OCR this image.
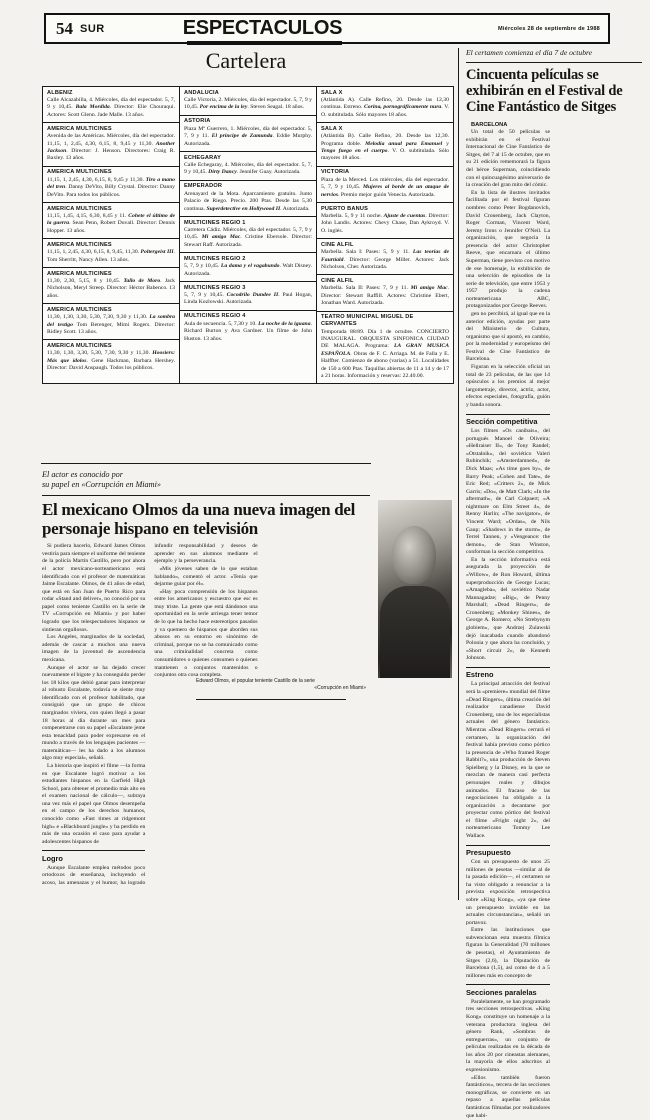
54 SUR	ESPECTACULOS	Miércoles 28 de septiembre de 1988
Cartelera
ALBENIZ
Calle Alcazabilla, 4. Miércoles, día del espectador. 5, 7, 9 y 10,45. Bala Mordida. Director: Elie Chouraqui. Actores: Scott Glenn. Jade Malle. 13 años.
AMERICA MULTICINES
Avenida de las Américas. Miércoles, día del espectador. 11,15, 1, 2,45, 4,30, 6,15, 8, 9,45 y 11,30. Another Jackson. Director: J. Henson. Directores: Craig R. Baxley. 13 años.
AMERICA MULTICINES
11,15, 1, 2,45, 4,30, 6,15, 8, 9,45 y 11,30. Tiro a mano del tren. Danny DeVito, Billy Crystal. Director: Danny DeVito. Para todos los públicos.
AMERICA MULTICINES
11,15, 1,45, 4,15, 6,30, 8,45 y 11. Cohete el último de la guerra. Sean Penn, Robert Duvall. Director: Dennis Hopper. 13 años.
AMERICA MULTICINES
11,15, 1, 2,45, 4,30, 6,15, 8, 9,45, 11,30. Poltergeist III. Tom Sherritt, Nancy Allen. 13 años.
AMERICA MULTICINES
11,30, 2,30, 5,15, 8 y 10,45. Tallo de Moro. Jack Nicholson, Meryl Streep. Director: Héctor Babenco. 13 años.
AMERICA MULTICINES
11,30, 1,30, 3,30, 5,30, 7,30, 9,30 y 11,30. La sombra del testigo Tom Berenger, Mimi Rogers. Director: Ridley Scott. 13 años.
AMERICA MULTICINES
11,30, 1,30, 3,30, 5,30, 7,30, 9,30 y 11,30. Hoosiers: Más que ídolos. Gene Hackman, Barbara Hershey. Director: David Anspaugh. Todos los públicos.
ANDALUCIA
Calle Victoria, 2. Miércoles, día del espectador. 5, 7, 9 y 10,45. Por encima de la ley. Steven Seagal. 18 años.
ASTORIA
Plaza Mª Guerrero, 1. Miércoles, día del espectador. 5, 7, 9 y 11. El príncipe de Zamunda. Eddie Murphy. Autorizada.
ECHEGARAY
Calle Echegaray, 4. Miércoles, día del espectador. 5, 7, 9 y 10,45. Dirty Dancy. Jennifer Guay. Autorizada.
EMPERADOR
Arenayard de la Mota. Aparcamiento gratuito. Junto Palacio de Riego. Precio. 200 Ptas. Desde las 5,30 continua. Superdetective en Hollywood II. Autorizada.
MULTICINES REGIO 1
Carretera Cádiz. Miércoles, día del espectador. 5, 7, 9 y 10,45. Mi amigo Mac. Cristine Ebersole. Director: Stewart Raff. Autorizada.
MULTICINES REGIO 2
5, 7, 9 y 10,45. La dama y el vagabundo. Walt Disney. Autorizada.
MULTICINES REGIO 3
5, 7, 9 y 10,45. Cocodrilo Dundee II. Paul Hogan, Linda Kozlowski. Autorizada.
MULTICINES REGIO 4
Aula de secuencia. 5, 7,30 y 10. La noche de la iguana. Richard Burton y Ava Gardner. Un filme de John Huston. 13 años.
SALA X
(Atlántida A). Calle Refino, 20. Desde las 12,30 continua. Estreno. Corina, pornográficamente nura. V. O. subtitulada. Sólo mayores 18 años.
SALA X
(Atlántida B). Calle Refino, 20. Desde las 12,30. Programa doble. Melodía anual para Emanuel y Tengo fuego en el cuerpo. V. O. subtitulada. Sólo mayores 18 años.
VICTORIA
Plaza de la Merced. Los miércoles, día del espectador. 5, 7, 9 y 10,45. Mujeres al borde de un ataque de nervios. Premio mejor guión Venecia. Autorizada.
PUERTO BANUS
Marbella. 5, 9 y 11 noche. Ajuste de cuentas. Director: John Landis. Actores: Chevy Chase, Dan Aykroyd. V. O. inglés.
CINE ALFIL
Marbella. Sala I: Pases: 5, 9 y 11. Las teorías de Faurtíald. Director: George Miller. Actores: Jack Nicholson, Cher. Autorizada.
CINE ALFIL
Marbella. Sala II: Pases: 7, 9 y 11. Mi amigo Mac. Director: Stewart Raffill. Actores: Christine Ebert, Jonathan Ward. Autorizada.
TEATRO MUNICIPAL MIGUEL DE CERVANTES
Temporada 88/89. Día 1 de octubre. CONCIERTO INAUGURAL. ORQUESTA SINFONICA CIUDAD DE MALAGA. Programa: LA GRAN MUSICA ESPAÑOLA. Obras de F. C. Arriaga. M. de Falla y E. Halffter. Comienzo de abono (varias) a 51. Localidades de 150 a 600 Ptas. Taquillas abiertas de 11 a 14 y de 17 a 21 horas. Información y reservas: 22.40.00.
El certamen comienza el día 7 de octubre
Cincuenta películas se exhibirán en el Festival de Cine Fantástico de Sitges

BARCELONA

Un total de 50 películas se exhibirán en el Festival Internacional de Cine Fantástico de Sitges, del 7 al 15 de octubre, que en su 21 edición rememorará la figura del héroe Superman, coincidiendo con el quincuagésimo aniversario de la creación del gran mito del cómic.

En la lista de ilustres invitados facilitada por el festival figuran nombres como Peter Bogdanovich, David Cronenberg, Jack Clayton, Roger Corman, Vincent Ward, Jeremy Irons o Jennifer O'Neil. La organización, que negocia la presencia del actor Christopher Reeve, que encarnara el último Superman, tiene previsto con motivo de ese homenaje, la exhibición de una selección de episodios de la serie de televisión, que entre 1953 y 1957 produjo la cadena norteamericana ABC, protagonizados por George Reeves.

gen no percibirá, al igual que en la anterior edición, ayudas por parte del Ministerio de Cultura, organismo que sí apostó, en cambio, por la modernidad y europeísmo del Festival de Cine Fantástico de Barcelona.

Figuran en la selección oficial un total de 23 películas, de las que 14 opúsculos a los premios al mejor largometraje, director, actriz, actor, efectos especiales, fotografía, guión y banda sonora.

Sección competitiva

Los filmes «Os canibais», del portugués Manoel de Oliveira; «Hellraiser II», de Tony Randel; «Otstalnik», del soviético Valeri Rubinchik; «Amsterdamned», de Dick Maas; «As time goes by», de Barry Peak; «Cohen and Tate», de Eric Red; «Critters 2», de Mick Garris; «Do», de Matt Clark; «In the aftermath», de Carl Colpaert; «A nightmare on Elm Street 4», de Renny Harlin; «The navigator», de Vincent Ward; «Ordas», de Nils Gaup; «Shadows in the storm», de Terrel Tannen, y «Vengeance: the demon», de Stan Winston, conforman la sección competitiva.

En la sección informativa está asegurada la proyección de «Willow», de Ron Howard, última superproducción de George Lucas; «Amagleba», del soviético Nadar Mannagadze; «Big», de Penny Marshall; «Dead Ringers», de Cronenberg; «Monkey Shines», de George A. Romero; «No Strebynym globiem», que Andrzej Zulawski dejó inacabada cuando abandonó Polonia y que ahora ha concluido, y «Short circuit 2», de Kenneth Johnson.

Estreno

La principal atracción del festival será la «premiere» mundial del filme «Dead Ringers», última creación del realizador canadiense David Cronenberg, uno de los especialistas actuales del género fantástico. Mientras «Dead Ringers» cerrará el certamen, la organización del festival había previsto como pórtico la presencia de «Who framed Roger Rabbit?», una producción de Steven Spielberg y la Disney, en la que se mezclan de manera casi perfecta personajes reales y dibujos animados. El fracaso de las negociaciones ha obligado a la organización a decantarse por proyectar como pórtico del festival el filme «Fright night 2», del norteamericano Tommy Lee Wallace.

Presupuesto

Con un presupuesto de unos 25 millones de pesetas —similar al de la pasada edición—, el certamen se ha visto obligado a renunciar a la prevista exposición retrospectiva sobre «King Kong», «ya que tiene un presupuesto inviable en las actuales circunstancias», señaló un portavoz.

Entre las instituciones que subvencionan esta muestra fílmica figuran la Generalidad (70 millones de pesetas), el Ayuntamiento de Sitges (2,6), la Diputación de Barcelona (1,5), así como de 4 a 5 millones más en concepto de

Secciones paralelas

Paralelamente, se han programado tres secciones retrospectivas. «King Kong» constituye un homenaje a la veterana productora inglesa del género Rank, «Sombras de entreguerras», un conjunto de películas realizadas en la década de los años 20 por cineastas alemanes, la mayoría de ellos adscritos al expresionismo.

«Ellos también fueron fantásticos», tercera de las secciones monográficas, se convierte en un repaso a aquellas películas fantásticas filmadas por realizadores que habi-

El actor es conocido por
su papel en «Corrupción en Miami»
El mexicano Olmos da una nueva imagen del personaje hispano en televisión

Si pudiera hacerlo, Edward James Olmos vestiría para siempre el uniforme del teniente de la policía Martín Castillo, pero por ahora el actor mexicano-norteamericano está identificado con el profesor de matemáticas Jaime Escalante. Olmos, de 41 años de edad, que está en San Juan de Puerto Rico para rodar «Stand and deliver», no conoció por su papel como teniente Castillo en la serie de TV «Corrupción en Miami» y por haber logrado que los telespectadores hispanos se sintieran orgullosos.

Los Angeles, marginados de la sociedad, además de cascar a muchos una nueva imagen de la juventud de ascendencia mexicana.

Aunque el actor se ha dejado crecer nuevamente el bigote y ha conseguido perder los 18 kilos que debió ganar para interpretar al robusto Escalante, todavía se siente muy identificado con el profesor habilitado, que consiguió que un grupo de chicos marginados viviera, con quien llegó a pasar 18 horas al día durante un mes para compenetrarse con su papel «Escalante jeme esta tenacidad para poder expresarse en el mundo a través de los lenguajes pacientes —matemáticas— les ha dado a los alumnos algo muy especial», señaló.

La historia que inspiró el filme —la forma en que Escalante logró motivar a los estudiantes hispanos en la Garfield High School, para obtener el promedio más alto en el examen nacional de cálculo—, subraya una vez más el papel que Olmos desempeña en el campo de los derechos humanos, conocido como «Fast times at ridgemont high» e «Blackboard jungle» y ha perdido en más de una ocasión el caso para ayudar a adolescentes hispanos de

Logro

Aunque Escalante emplea métodos poco ortodoxos de enseñanza, incluyendo el acoso, las amenazas y el humor, ha logrado infundir responsabilidad y deseos de aprender en sus alumnos mediante el ejemplo y la perseverancia.

«Mis jóvenes saben de lo que estaban hablando», comentó el actor. «Tenía que dejarme guiar por él».

«Hay poca comprensión de los hispanos entre los americanos y escuestro que esc es muy triste. La gente que está dándonos una oportunidad en la serie arriesga tener temor de lo que ha hecho hace estereotipos pasados y va quemero de hispanos que aborden sus abusos en su entorno en sinónimo de criminal, porque no se ha comunicado como una criminalidad concreta como consumidores o quienes consumen o quienes mantienen o conjuntos mantenidos o conjuntos otra cosa completa.

Edward Olmos, el popular teniente Castillo de la serie
«Corrupción en Miami»
